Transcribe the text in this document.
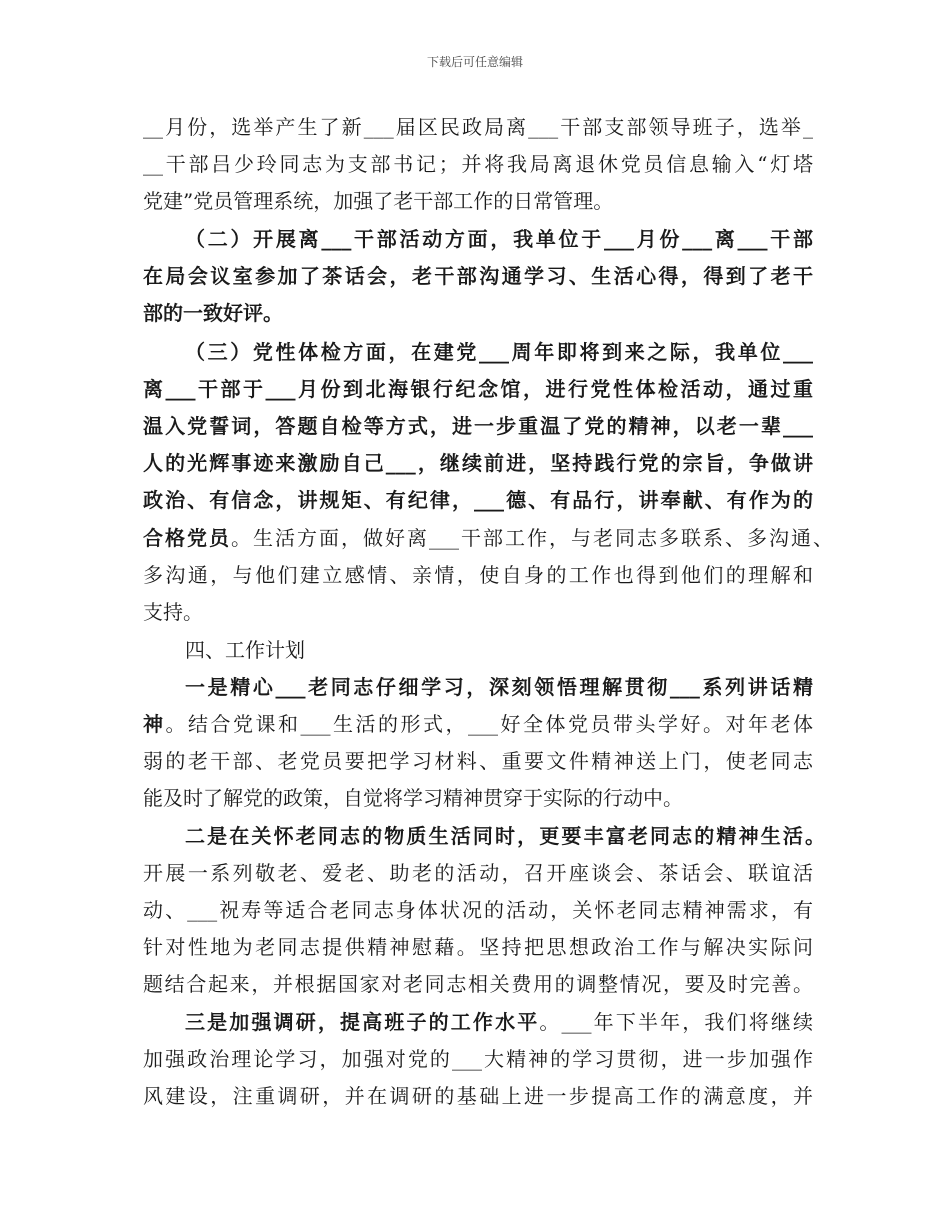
下载后可任意编辑
__月份，选举产生了新___届区民政局离___干部支部领导班子，选举_
__干部吕少玲同志为支部书记；并将我局离退休党员信息输入“灯塔
党建”党员管理系统，加强了老干部工作的日常管理。
（二）开展离___干部活动方面，我单位于___月份___离___干部
在局会议室参加了茶话会，老干部沟通学习、生活心得，得到了老干
部的一致好评。
（三）党性体检方面，在建党___周年即将到来之际，我单位___
离___干部于___月份到北海银行纪念馆，进行党性体检活动，通过重
温入党誓词，答题自检等方式，进一步重温了党的精神，以老一辈___
人的光辉事迹来激励自己___，继续前进，坚持践行党的宗旨，争做讲
政治、有信念，讲规矩、有纪律，___德、有品行，讲奉献、有作为的
合格党员。生活方面，做好离___干部工作，与老同志多联系、多沟通、
多沟通，与他们建立感情、亲情，使自身的工作也得到他们的理解和
支持。
四、工作计划
一是精心___老同志仔细学习，深刻领悟理解贯彻___系列讲话精
神。结合党课和___生活的形式，___好全体党员带头学好。对年老体
弱的老干部、老党员要把学习材料、重要文件精神送上门，使老同志
能及时了解党的政策，自觉将学习精神贯穿于实际的行动中。
二是在关怀老同志的物质生活同时，更要丰富老同志的精神生活。
开展一系列敬老、爱老、助老的活动，召开座谈会、茶话会、联谊活
动、___祝寿等适合老同志身体状况的活动，关怀老同志精神需求，有
针对性地为老同志提供精神慰藉。坚持把思想政治工作与解决实际问
题结合起来，并根据国家对老同志相关费用的调整情况，要及时完善。
三是加强调研，提高班子的工作水平。___年下半年，我们将继续
加强政治理论学习，加强对党的___大精神的学习贯彻，进一步加强作
风建设，注重调研，并在调研的基础上进一步提高工作的满意度，并
